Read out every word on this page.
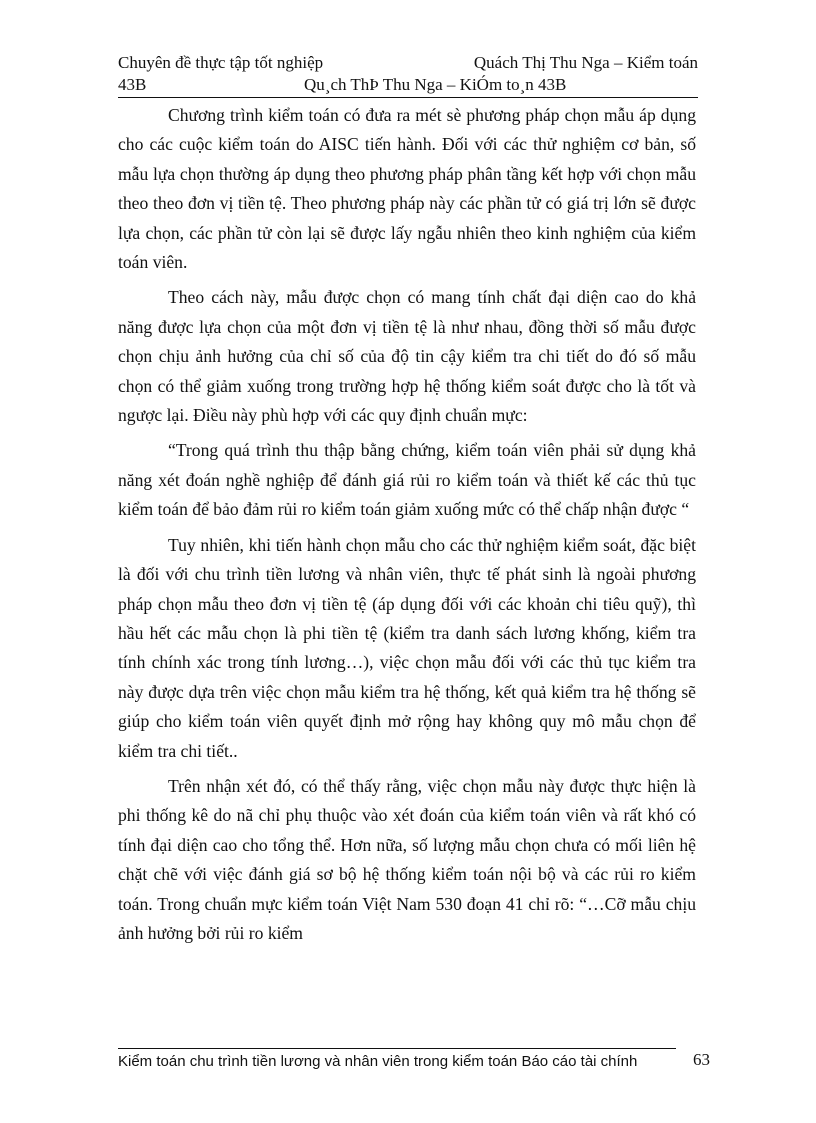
Chuyên đề thực tập tốt nghiệp	Quách Thị Thu Nga – Kiểm toán
43B	Qu¸ch ThÞ Thu Nga – KiÓm to¸n 43B

Chương trình kiểm toán có đưa ra mét sè phương pháp chọn mẫu áp dụng cho các cuộc kiểm toán do AISC tiến hành. Đối với các thử nghiệm cơ bản, số mẫu lựa chọn thường áp dụng theo phương pháp phân tầng kết hợp với chọn mẫu theo theo đơn vị tiền tệ. Theo phương pháp này các phần tử có giá trị lớn sẽ được lựa chọn, các phần tử còn lại sẽ được lấy ngẫu nhiên theo kinh nghiệm của kiểm toán viên.

Theo cách này, mẫu được chọn có mang tính chất đại diện cao do khả năng được lựa chọn của một đơn vị tiền tệ là như nhau, đồng thời số mẫu được chọn chịu ảnh hưởng của chỉ số của độ tin cậy kiểm tra chi tiết do đó số mẫu chọn có thể giảm xuống trong trường hợp hệ thống kiểm soát được cho là tốt và ngược lại. Điều này phù hợp với các quy định chuẩn mực:

“Trong quá trình thu thập bằng chứng, kiểm toán viên phải sử dụng khả năng xét đoán nghề nghiệp để đánh giá rủi ro kiểm toán và thiết kế các thủ tục kiểm toán để bảo đảm rủi ro kiểm toán giảm xuống mức có thể chấp nhận được “

Tuy nhiên, khi tiến hành chọn mẫu cho các thử nghiệm kiểm soát, đặc biệt là đối với chu trình tiền lương và nhân viên, thực tế phát sinh là ngoài phương pháp chọn mẫu theo đơn vị tiền tệ (áp dụng đối với các khoản chi tiêu quỹ), thì hầu hết các mẫu chọn là phi tiền tệ (kiểm tra danh sách lương khống, kiểm tra tính chính xác trong tính lương…), việc chọn mẫu đối với các thủ tục kiểm tra này được dựa trên việc chọn mẫu kiểm tra hệ thống, kết quả kiểm tra hệ thống sẽ giúp cho kiểm toán viên quyết định mở rộng hay không quy mô mẫu chọn để kiểm tra chi tiết..

Trên nhận xét đó, có thể thấy rằng, việc chọn mẫu này được thực hiện là phi thống kê do nã chỉ phụ thuộc vào xét đoán của kiểm toán viên và rất khó có tính đại diện cao cho tổng thể. Hơn nữa, số lượng mẫu chọn chưa có mối liên hệ chặt chẽ với việc đánh giá sơ bộ hệ thống kiểm toán nội bộ và các rủi ro kiểm toán. Trong chuẩn mực kiểm toán Việt Nam 530 đoạn 41 chỉ rõ: “…Cỡ mẫu chịu ảnh hưởng bởi rủi ro kiểm

Kiểm toán chu trình tiền lương và nhân viên trong kiểm toán Báo cáo tài chính	63
